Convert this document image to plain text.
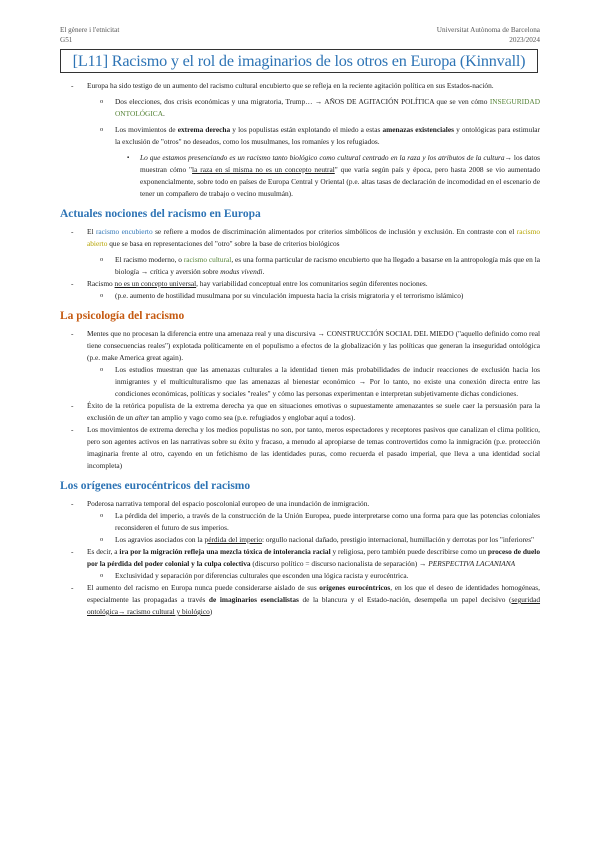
El gènere i l'etnicitat
G51
Universitat Autònoma de Barcelona
2023/2024
[L11] Racismo y el rol de imaginarios de los otros en Europa (Kinnvall)

- Europa ha sido testigo de un aumento del racismo cultural encubierto que se refleja en la reciente agitación política en sus Estados-nación.

o Dos elecciones, dos crisis económicas y una migratoria, Trump… → AÑOS DE AGITACIÓN POLÍTICA que se ven cómo INSEGURIDAD ONTOLÓGICA.

o Los movimientos de extrema derecha y los populistas están explotando el miedo a estas amenazas existenciales y ontológicas para estimular la exclusión de "otros" no deseados, como los musulmanes, los romaníes y los refugiados.

▪ Lo que estamos presenciando es un racismo tanto biológico como cultural centrado en la raza y los atributos de la cultura→ los datos muestran cómo "la raza en sí misma no es un concepto neutral" que varía según país y época, pero hasta 2008 se vio aumentado exponencialmente, sobre todo en países de Europa Central y Oriental (p.e. altas tasas de declaración de incomodidad en el escenario de tener un compañero de trabajo o vecino musulmán).

Actuales nociones del racismo en Europa

- El racismo encubierto se refiere a modos de discriminación alimentados por criterios simbólicos de inclusión y exclusión. En contraste con el racismo abierto que se basa en representaciones del "otro" sobre la base de criterios biológicos

o El racismo moderno, o racismo cultural, es una forma particular de racismo encubierto que ha llegado a basarse en la antropología más que en la biología → crítica y aversión sobre modus vivendi.

- Racismo no es un concepto universal, hay variabilidad conceptual entre los comunitarios según diferentes nociones.

o (p.e. aumento de hostilidad musulmana por su vinculación impuesta hacia la crisis migratoria y el terrorismo islámico)

La psicología del racismo

- Mentes que no procesan la diferencia entre una amenaza real y una discursiva → CONSTRUCCIÓN SOCIAL DEL MIEDO ("aquello definido como real tiene consecuencias reales") explotada políticamente en el populismo a efectos de la globalización y las políticas que generan la inseguridad ontológica (p.e. make America great again).

o Los estudios muestran que las amenazas culturales a la identidad tienen más probabilidades de inducir reacciones de exclusión hacia los inmigrantes y el multiculturalismo que las amenazas al bienestar económico → Por lo tanto, no existe una conexión directa entre las condiciones económicas, políticas y sociales "reales" y cómo las personas experimentan e interpretan subjetivamente dichas condiciones.

- Éxito de la retórica populista de la extrema derecha ya que en situaciones emotivas o supuestamente amenazantes se suele caer la persuasión para la exclusión de un alter tan amplio y vago como sea (p.e. refugiados y englobar aquí a todos).

- Los movimientos de extrema derecha y los medios populistas no son, por tanto, meros espectadores y receptores pasivos que canalizan el clima político, pero son agentes activos en las narrativas sobre su éxito y fracaso, a menudo al apropiarse de temas controvertidos como la inmigración (p.e. protección imaginaria frente al otro, cayendo en un fetichismo de las identidades puras, como recuerda el pasado imperial, que lleva a una identidad social incompleta)

Los orígenes eurocéntricos del racismo

- Poderosa narrativa temporal del espacio poscolonial europeo de una inundación de inmigración.

o La pérdida del imperio, a través de la construcción de la Unión Europea, puede interpretarse como una forma para que las potencias coloniales reconsideren el futuro de sus imperios.

o Los agravios asociados con la pérdida del imperio: orgullo nacional dañado, prestigio internacional, humillación y derrotas por los "inferiores"

- Es decir, a ira por la migración refleja una mezcla tóxica de intolerancia racial y religiosa, pero también puede describirse como un proceso de duelo por la pérdida del poder colonial y la culpa colectiva (discurso político = discurso nacionalista de separación) → PERSPECTIVA LACANIANA

o Exclusividad y separación por diferencias culturales que esconden una lógica racista y eurocéntrica.

- El aumento del racismo en Europa nunca puede considerarse aislado de sus orígenes eurocéntricos, en los que el deseo de identidades homogéneas, especialmente las propagadas a través de imaginarios esencialistas de la blancura y el Estado-nación, desempeña un papel decisivo (seguridad ontológica→ racismo cultural y biológico)
